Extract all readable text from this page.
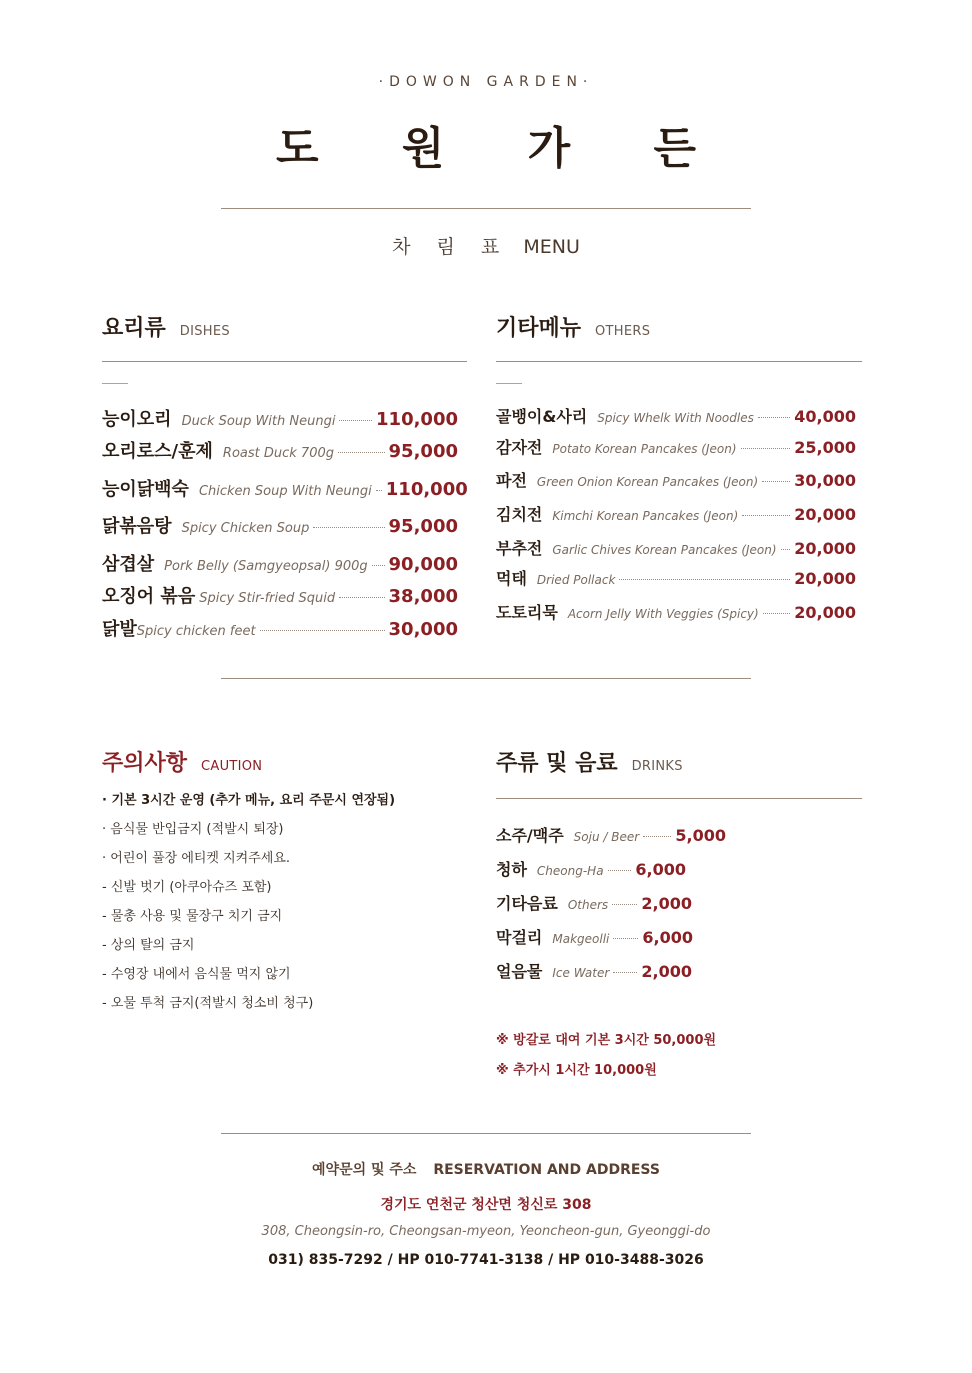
·DOWON GARDEN·
도 원 가 든
차 림 표 MENU
요리류 DISHES
능이오리 Duck Soup With Neungi 110,000
오리로스/훈제 Roast Duck 700g	95,000
능이닭백숙 Chicken Soup With Neungi 110,000
닭볶음탕 Spicy Chicken Soup	95,000
삼겹살 Pork Belly (Samgyeopsal) 900g 90,000
오징어 볶음 Spicy Stir-fried Squid	38,000
닭발 Spicy chicken feet	30,000
기타메뉴 OTHERS
골뱅이&사리 Spicy Whelk With Noodles	40,000
감자전 Potato Korean Pancakes (Jeon)	25,000
파전 Green Onion Korean Pancakes (Jeon) 30,000
김치전 Kimchi Korean Pancakes (Jeon)	20,000
부추전 Garlic Chives Korean Pancakes (Jeon) 20,000
먹태 Dried Pollack	20,000
도토리묵 Acorn Jelly With Veggies (Spicy) 20,000
주의사항 CAUTION
· 기본 3시간 운영 (추가 메뉴, 요리 주문시 연장됨)
· 음식물 반입금지 (적발시 퇴장)
· 어린이 풀장 에티켓 지켜주세요.
- 신발 벗기 (아쿠아슈즈 포함)
- 물총 사용 및 물장구 치기 금지
- 상의 탈의 금지
- 수영장 내에서 음식물 먹지 않기
- 오물 투척 금지(적발시 청소비 청구)
주류 및 음료 DRINKS
소주/맥주 Soju / Beer 5,000
청하 Cheong-Ha 6,000
기타음료 Others 2,000
막걸리 Makgeolli 6,000
얼음물 Ice Water 2,000
※ 방갈로 대여 기본 3시간 50,000원
※ 추가시 1시간 10,000원
예약문의 및 주소 RESERVATION AND ADDRESS
경기도 연천군 청산면 청신로 308
308, Cheongsin-ro, Cheongsan-myeon, Yeoncheon-gun, Gyeonggi-do
031) 835-7292 / HP 010-7741-3138 / HP 010-3488-3026
